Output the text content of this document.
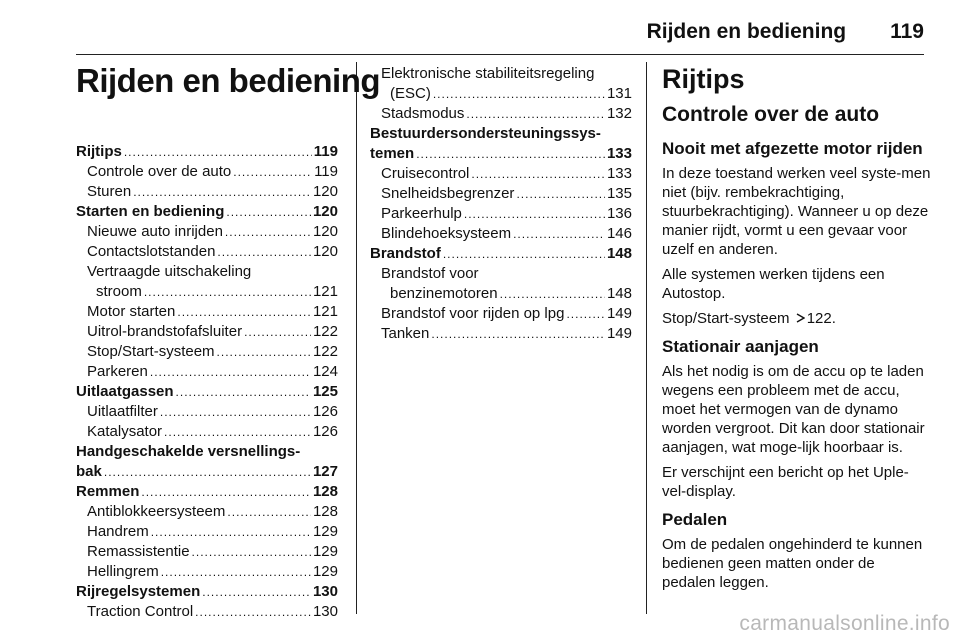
Rijden en bediening 119
Rijden en bediening
Rijtips .....	119
Controle over de auto .....	119
Sturen .....	120
Starten en bediening .....	120
Nieuwe auto inrijden .....	120
Contactslotstanden .....	120
Vertraagde uitschakeling
stroom .....	121
Motor starten .....	121
Uitrol-brandstofafsluiter .....	122
Stop/Start-systeem .....	122
Parkeren .....	124
Uitlaatgassen .....	125
Uitlaatfilter .....	126
Katalysator .....	126
Handgeschakelde versnellings-
bak .....	127
Remmen .....	128
Antiblokkeersysteem .....	128
Handrem .....	129
Remassistentie .....	129
Hellingrem .....	129
Rijregelsystemen .....	130
Traction Control .....	130
Elektronische stabiliteitsregeling
(ESC) .....	131
Stadsmodus .....	132
Bestuurdersondersteuningssys-
temen .....	133
Cruisecontrol .....	133
Snelheidsbegrenzer .....	135
Parkeerhulp .....	136
Blindehoeksysteem .....	146
Brandstof .....	148
Brandstof voor
benzinemotoren .....	148
Brandstof voor rijden op lpg .....	149
Tanken .....	149
Rijtips
Controle over de auto
Nooit met afgezette motor rijden

In deze toestand werken veel syste-men niet (bijv. rembekrachtiging, stuurbekrachtiging). Wanneer u op deze manier rijdt, vormt u een gevaar voor uzelf en anderen.

Alle systemen werken tijdens een Autostop.

Stop/Start-systeem 122.

Stationair aanjagen

Als het nodig is om de accu op te laden wegens een probleem met de accu, moet het vermogen van de dynamo worden vergroot. Dit kan door stationair aanjagen, wat moge-lijk hoorbaar is.

Er verschijnt een bericht op het Uple-vel-display.

Pedalen

Om de pedalen ongehinderd te kunnen bedienen geen matten onder de pedalen leggen.

carmanualsonline.info
